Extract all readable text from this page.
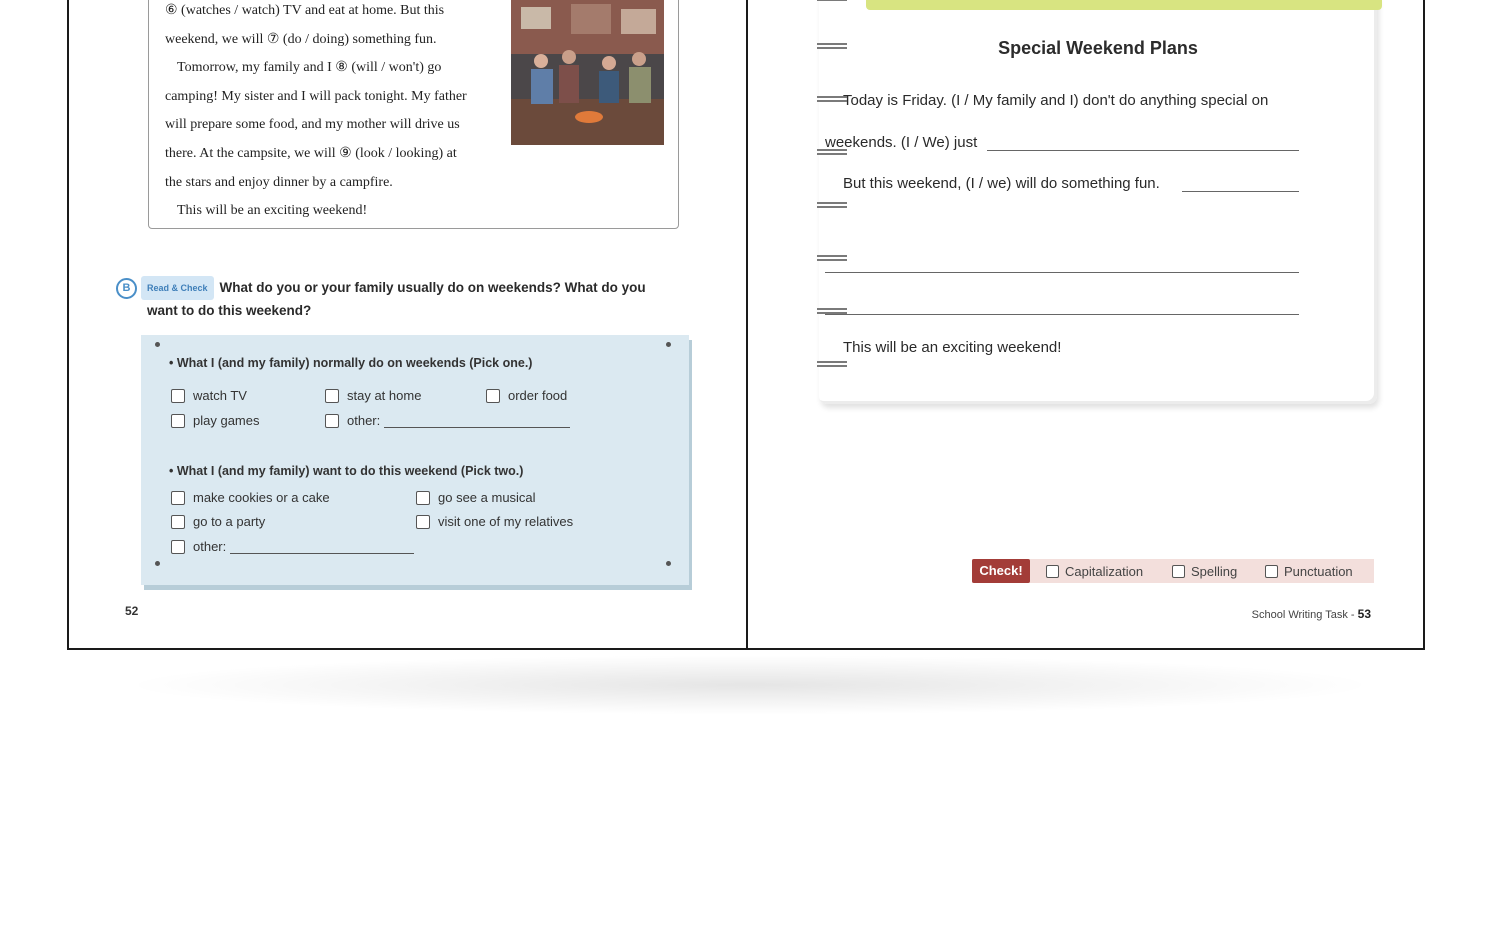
⑥ (watches / watch) TV and eat at home. But this

weekend, we will ⑦ (do / doing) something fun.

Tomorrow, my family and I ⑧ (will / won't) go

camping! My sister and I will pack tonight. My father

will prepare some food, and my mother will drive us

there. At the campsite, we will ⑨ (look / looking) at

the stars and enjoy dinner by a campfire.

This will be an exciting weekend!

B Read & Check What do you or your family usually do on weekends? What do you
want to do this weekend?
• What I (and my family) normally do on weekends (Pick one.)
watch TV	stay at home	order food
play games	other:
• What I (and my family) want to do this weekend (Pick two.)
make cookies or a cake	go see a musical
go to a party	visit one of my relatives
other:
52
Special Weekend Plans
Today is Friday. (I / My family and I) don't do anything special on
weekends. (I / We) just
But this weekend, (I / we) will do something fun.
This will be an exciting weekend!
Check!	Capitalization	Spelling	Punctuation
School Writing Task - 53
